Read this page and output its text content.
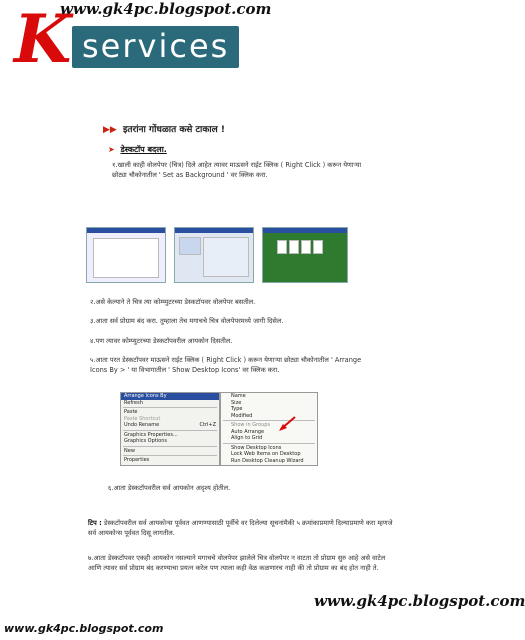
K
www.gk4pc.blogspot.com
services
▶▶ इतरांना गोंधळात कसे टाकाल !
➤ डेस्कटॉप बदला.
१.खाली काही वोलपेपर (चित्र) दिले आहेत त्यावर माऊसने राईट क्लिक ( Right Click ) करून येणाऱ्या छोट्या चौकोनातील ' Set as Background ' वर क्लिक करा.
२.असे केल्याने ते चित्र त्या कोम्प्युटरच्या डेस्कटॉपवर वोलपेपर बसतील.
३.आता सर्व प्रोग्राम बंद करा. तुम्हाला तेच मगाचचे चित्र वोलपेपरमध्ये जागी दिसेल.
४.पण त्यावर कोम्प्युटरच्या डेस्कटॉपवरील आयकोन दिसतील.
५.आता परत डेस्कटॉपवर माऊसने राईट क्लिक ( Right Click ) करून येणाऱ्या छोट्या चौकोनातील ' Arrange Icons By > ' या विभागातील ' Show Desktop Icons' वर क्लिक करा.
Arrange Icons By
Refresh
Paste
Paste Shortcut
Undo Rename	Ctrl+Z
Graphics Properties...
Graphics Options
New
Properties
Name
Size
Type
Modified
Show in Groups
Auto Arrange
Align to Grid
Show Desktop Icons
Lock Web Items on Desktop
Run Desktop Cleanup Wizard
६.आता डेस्कटॉपवरील सर्व आयकोन अदृश्य होतील.
टिप : डेस्कटॉपवरील सर्व आयकोन्स पूर्ववत आणण्यासाठी पूर्वीचे वर दिलेल्या सूचनांमैकी ५ क्रमांकाप्रमाणे दिल्याप्रमाणे करा म्हणजे सर्व आयकोन्स पूर्ववत दिसू लागतील.
७.आता डेस्कटॉपवर एकही आयकोन नसल्याने मगाचचे वोलपेपर झालेले चित्र वोलपेपर न वाटता तो प्रोग्राम सुरु आहे असे वाटेल आणि त्यावर सर्व प्रोग्राम बंद करण्याचा प्रयत्न करेल पण त्याला कही वेळ कळणारच नाही की तो प्रोग्राम का बंद होत नाही ते.
www.gk4pc.blogspot.com
www.gk4pc.blogspot.com
